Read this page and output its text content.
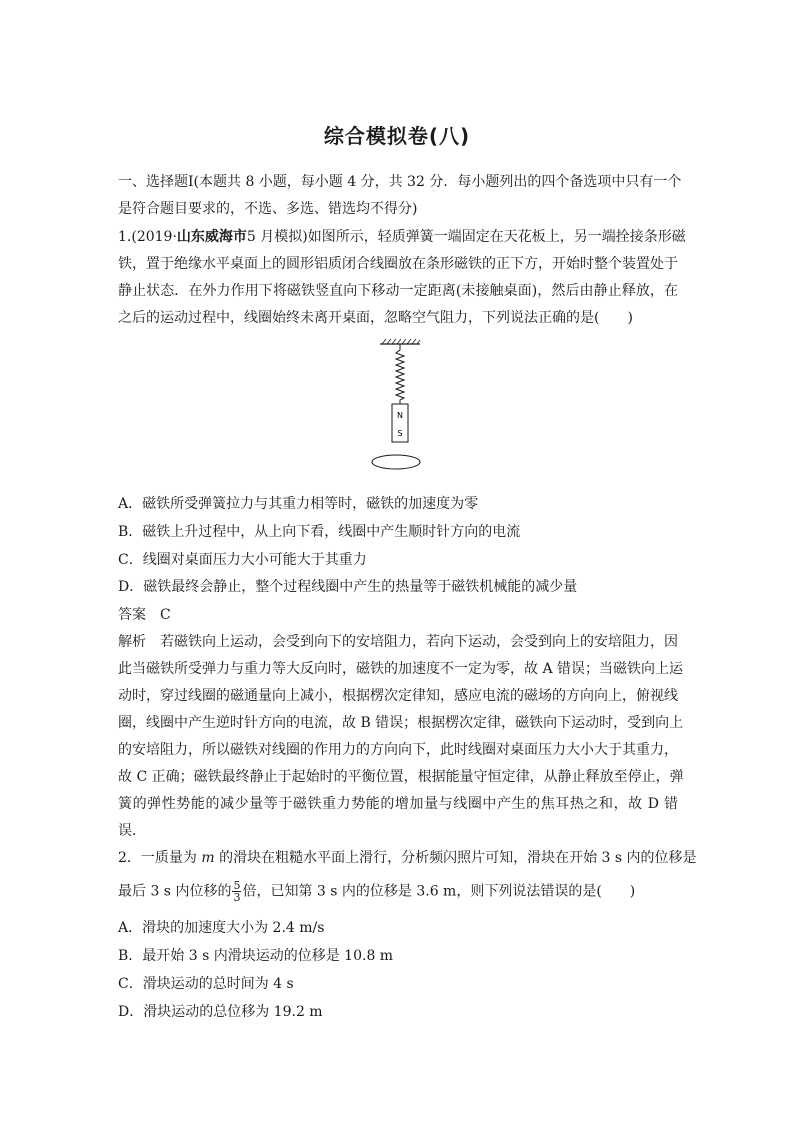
综合模拟卷(八)
一、选择题Ⅰ(本题共 8 小题，每小题 4 分，共 32 分．每小题列出的四个备选项中只有一个
是符合题目要求的，不选、多选、错选均不得分)
1.(2019·山东威海市5 月模拟)如图所示，轻质弹簧一端固定在天花板上，另一端拴接条形磁
铁，置于绝缘水平桌面上的圆形铝质闭合线圈放在条形磁铁的正下方，开始时整个装置处于
静止状态．在外力作用下将磁铁竖直向下移动一定距离(未接触桌面)，然后由静止释放，在
之后的运动过程中，线圈始终未离开桌面，忽略空气阻力，下列说法正确的是(　　)
N
S
A．磁铁所受弹簧拉力与其重力相等时，磁铁的加速度为零
B．磁铁上升过程中，从上向下看，线圈中产生顺时针方向的电流
C．线圈对桌面压力大小可能大于其重力
D．磁铁最终会静止，整个过程线圈中产生的热量等于磁铁机械能的减少量
答案　C
解析　若磁铁向上运动，会受到向下的安培阻力，若向下运动，会受到向上的安培阻力，因
此当磁铁所受弹力与重力等大反向时，磁铁的加速度不一定为零，故 A 错误；当磁铁向上运
动时，穿过线圈的磁通量向上减小，根据楞次定律知，感应电流的磁场的方向向上，俯视线
圈，线圈中产生逆时针方向的电流，故 B 错误；根据楞次定律，磁铁向下运动时，受到向上
的安培阻力，所以磁铁对线圈的作用力的方向向下，此时线圈对桌面压力大小大于其重力，
故 C 正确；磁铁最终静止于起始时的平衡位置，根据能量守恒定律，从静止释放至停止，弹
簧的弹性势能的减少量等于磁铁重力势能的增加量与线圈中产生的焦耳热之和，故 D 错
误．
2．一质量为 m 的滑块在粗糙水平面上滑行，分析频闪照片可知，滑块在开始 3 s 内的位移是
最后 3 s 内位移的 $\frac{5}{3}$ 倍，已知第 3 s 内的位移是 3.6 m，则下列说法错误的是(　　)
A．滑块的加速度大小为 2.4 m/s
B．最开始 3 s 内滑块运动的位移是 10.8 m
C．滑块运动的总时间为 4 s
D．滑块运动的总位移为 19.2 m
